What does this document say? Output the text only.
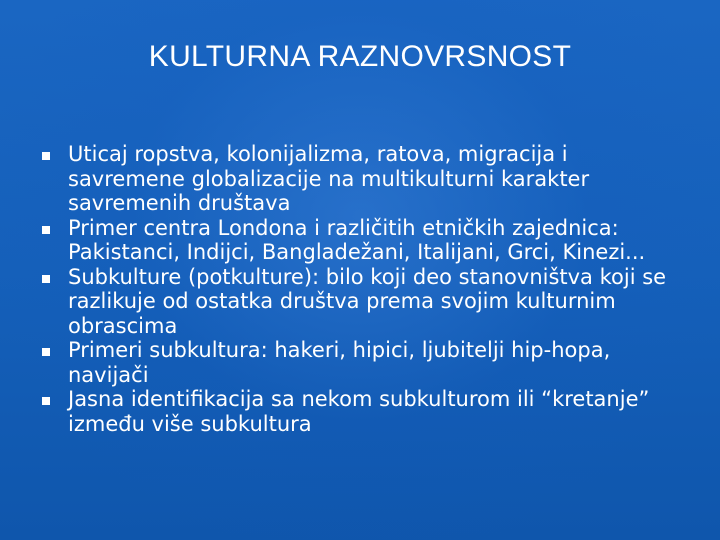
KULTURNA RAZNOVRSNOST
Uticaj ropstva, kolonijalizma, ratova, migracija i savremene globalizacije na multikulturni karakter savremenih društava
Primer centra Londona i različitih etničkih zajednica: Pakistanci, Indijci, Bangladežani, Italijani, Grci, Kinezi...
Subkulture (potkulture): bilo koji deo stanovništva koji se razlikuje od ostatka društva prema svojim kulturnim obrascima
Primeri subkultura: hakeri, hipici, ljubitelji hip-hopa, navijači
Jasna identifikacija sa nekom subkulturom ili “kretanje” između više subkultura
